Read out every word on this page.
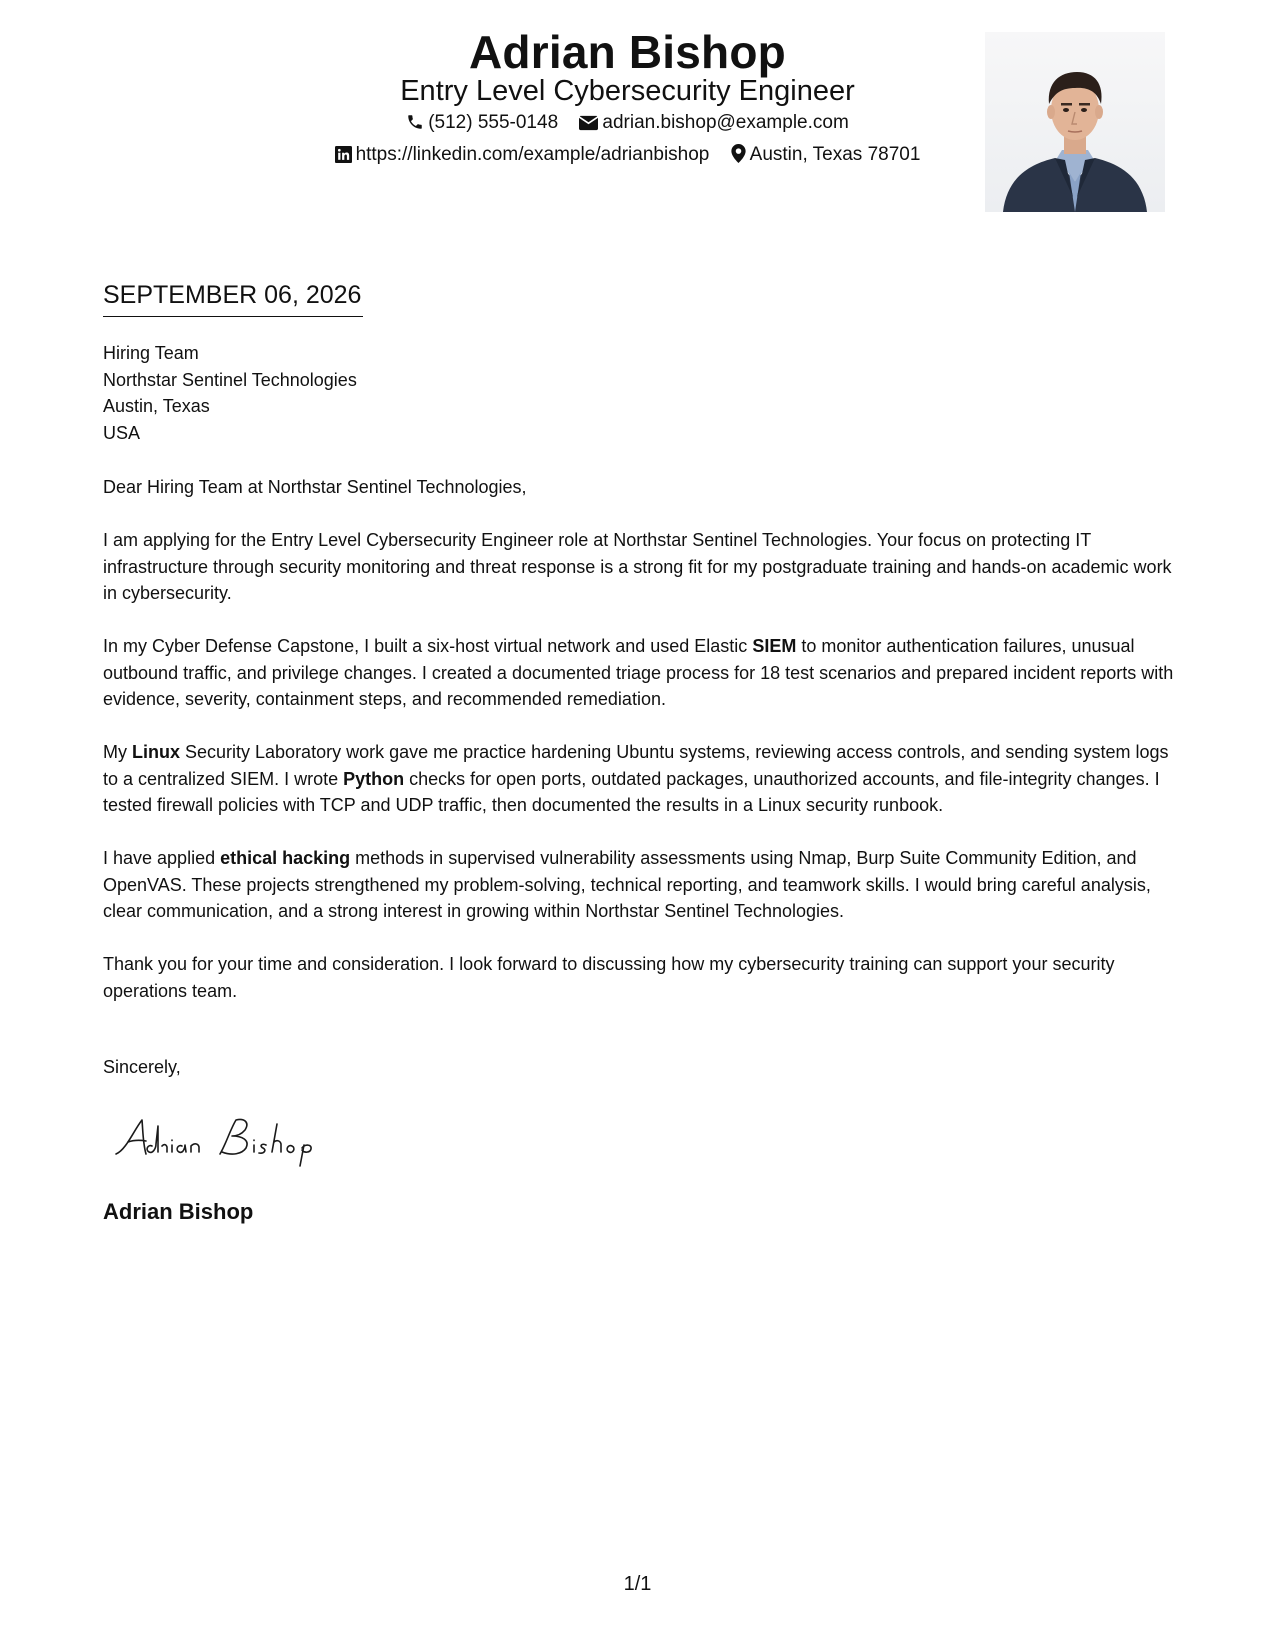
Adrian Bishop
Entry Level Cybersecurity Engineer
(512) 555-0148 adrian.bishop@example.com
https://linkedin.com/example/adrianbishop Austin, Texas 78701
SEPTEMBER 06, 2026
Hiring Team
Northstar Sentinel Technologies
Austin, Texas
USA
Dear Hiring Team at Northstar Sentinel Technologies,

I am applying for the Entry Level Cybersecurity Engineer role at Northstar Sentinel Technologies. Your focus on protecting IT infrastructure through security monitoring and threat response is a strong fit for my postgraduate training and hands-on academic work in cybersecurity.

In my Cyber Defense Capstone, I built a six-host virtual network and used Elastic SIEM to monitor authentication failures, unusual outbound traffic, and privilege changes. I created a documented triage process for 18 test scenarios and prepared incident reports with evidence, severity, containment steps, and recommended remediation.

My Linux Security Laboratory work gave me practice hardening Ubuntu systems, reviewing access controls, and sending system logs to a centralized SIEM. I wrote Python checks for open ports, outdated packages, unauthorized accounts, and file-integrity changes. I tested firewall policies with TCP and UDP traffic, then documented the results in a Linux security runbook.

I have applied ethical hacking methods in supervised vulnerability assessments using Nmap, Burp Suite Community Edition, and OpenVAS. These projects strengthened my problem-solving, technical reporting, and teamwork skills. I would bring careful analysis, clear communication, and a strong interest in growing within Northstar Sentinel Technologies.

Thank you for your time and consideration. I look forward to discussing how my cybersecurity training can support your security operations team.

Sincerely,
Adrian Bishop
1/1
